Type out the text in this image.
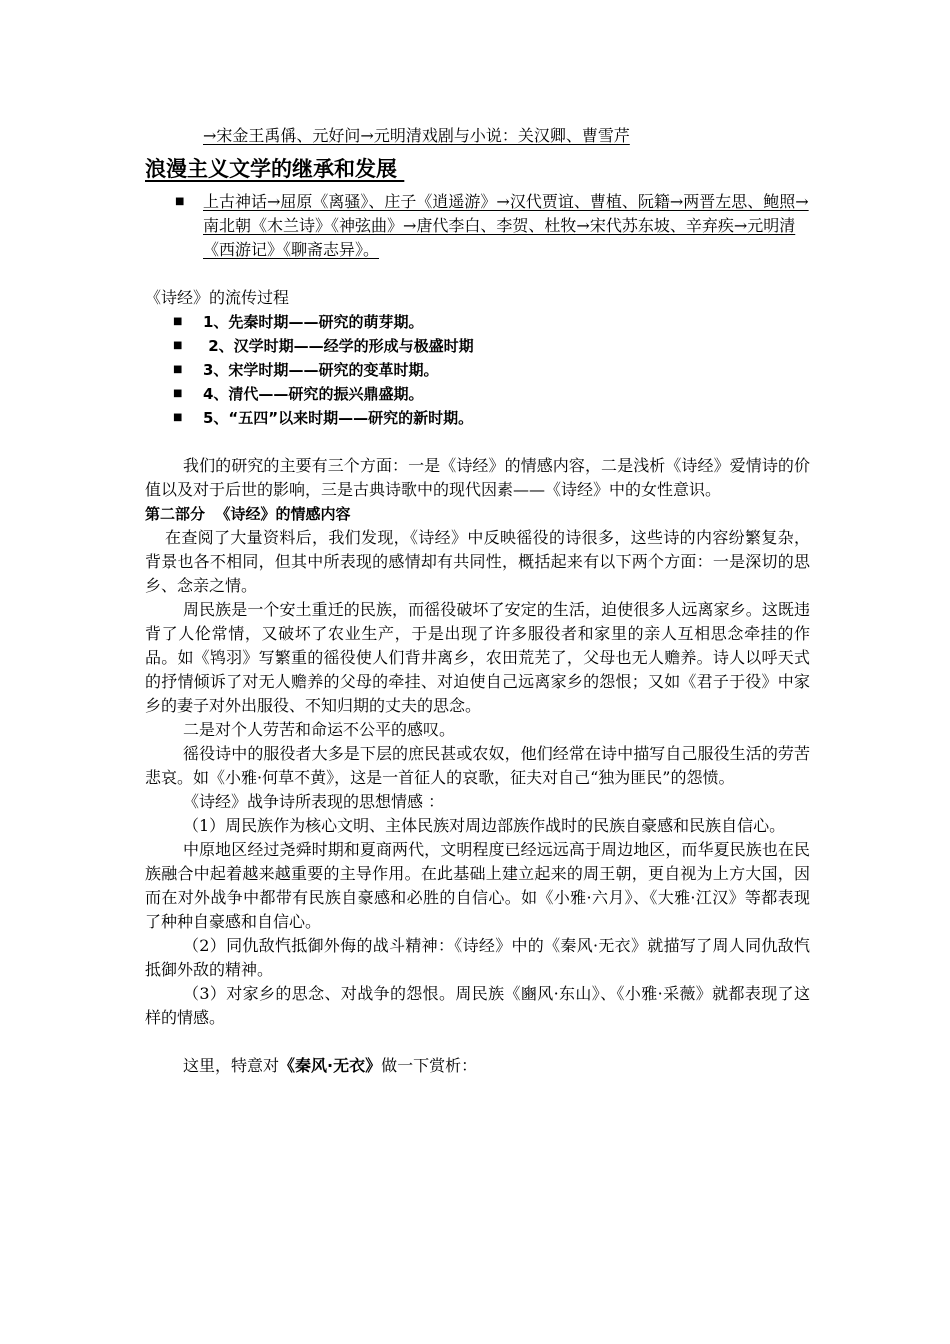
→宋金王禹偁、元好问→元明清戏剧与小说：关汉卿、曹雪芹
浪漫主义文学的继承和发展
■ 上古神话→屈原《离骚》、庄子《逍遥游》→汉代贾谊、曹植、阮籍→两晋左思、鲍照→南北朝《木兰诗》《神弦曲》→唐代李白、李贺、杜牧→宋代苏东坡、辛弃疾→元明清《西游记》《聊斋志异》。
《诗经》的流传过程
■ 1、先秦时期——研究的萌芽期。
■ 2、汉学时期——经学的形成与极盛时期
■ 3、宋学时期——研究的变革时期。
■ 4、清代——研究的振兴鼎盛期。
■ 5、“五四”以来时期——研究的新时期。

我们的研究的主要有三个方面：一是《诗经》的情感内容，二是浅析《诗经》爱情诗的价值以及对于后世的影响，三是古典诗歌中的现代因素——《诗经》中的女性意识。

第二部分  《诗经》的情感内容

在查阅了大量资料后，我们发现，《诗经》中反映徭役的诗很多，这些诗的内容纷繁复杂，背景也各不相同，但其中所表现的感情却有共同性，概括起来有以下两个方面：一是深切的思乡、念亲之情。

周民族是一个安土重迁的民族，而徭役破坏了安定的生活，迫使很多人远离家乡。这既违背了人伦常情，又破坏了农业生产，于是出现了许多服役者和家里的亲人互相思念牵挂的作品。如《鸨羽》写繁重的徭役使人们背井离乡，农田荒芜了，父母也无人赡养。诗人以呼天式的抒情倾诉了对无人赡养的父母的牵挂、对迫使自己远离家乡的怨恨；又如《君子于役》中家乡的妻子对外出服役、不知归期的丈夫的思念。

二是对个人劳苦和命运不公平的感叹。

徭役诗中的服役者大多是下层的庶民甚或农奴，他们经常在诗中描写自己服役生活的劳苦悲哀。如《小雅·何草不黄》，这是一首征人的哀歌，征夫对自己“独为匪民”的怨愤。

《诗经》战争诗所表现的思想情感 ：

（1）周民族作为核心文明、主体民族对周边部族作战时的民族自豪感和民族自信心。

中原地区经过尧舜时期和夏商两代，文明程度已经远远高于周边地区，而华夏民族也在民族融合中起着越来越重要的主导作用。在此基础上建立起来的周王朝，更自视为上方大国，因而在对外战争中都带有民族自豪感和必胜的自信心。如《小雅·六月》、《大雅·江汉》等都表现了种种自豪感和自信心。

（2）同仇敌忾抵御外侮的战斗精神：《诗经》中的《秦风·无衣》就描写了周人同仇敌忾抵御外敌的精神。

（3）对家乡的思念、对战争的怨恨。周民族《豳风·东山》、《小雅·采薇》就都表现了这样的情感。

这里，特意对《秦风·无衣》做一下赏析：
